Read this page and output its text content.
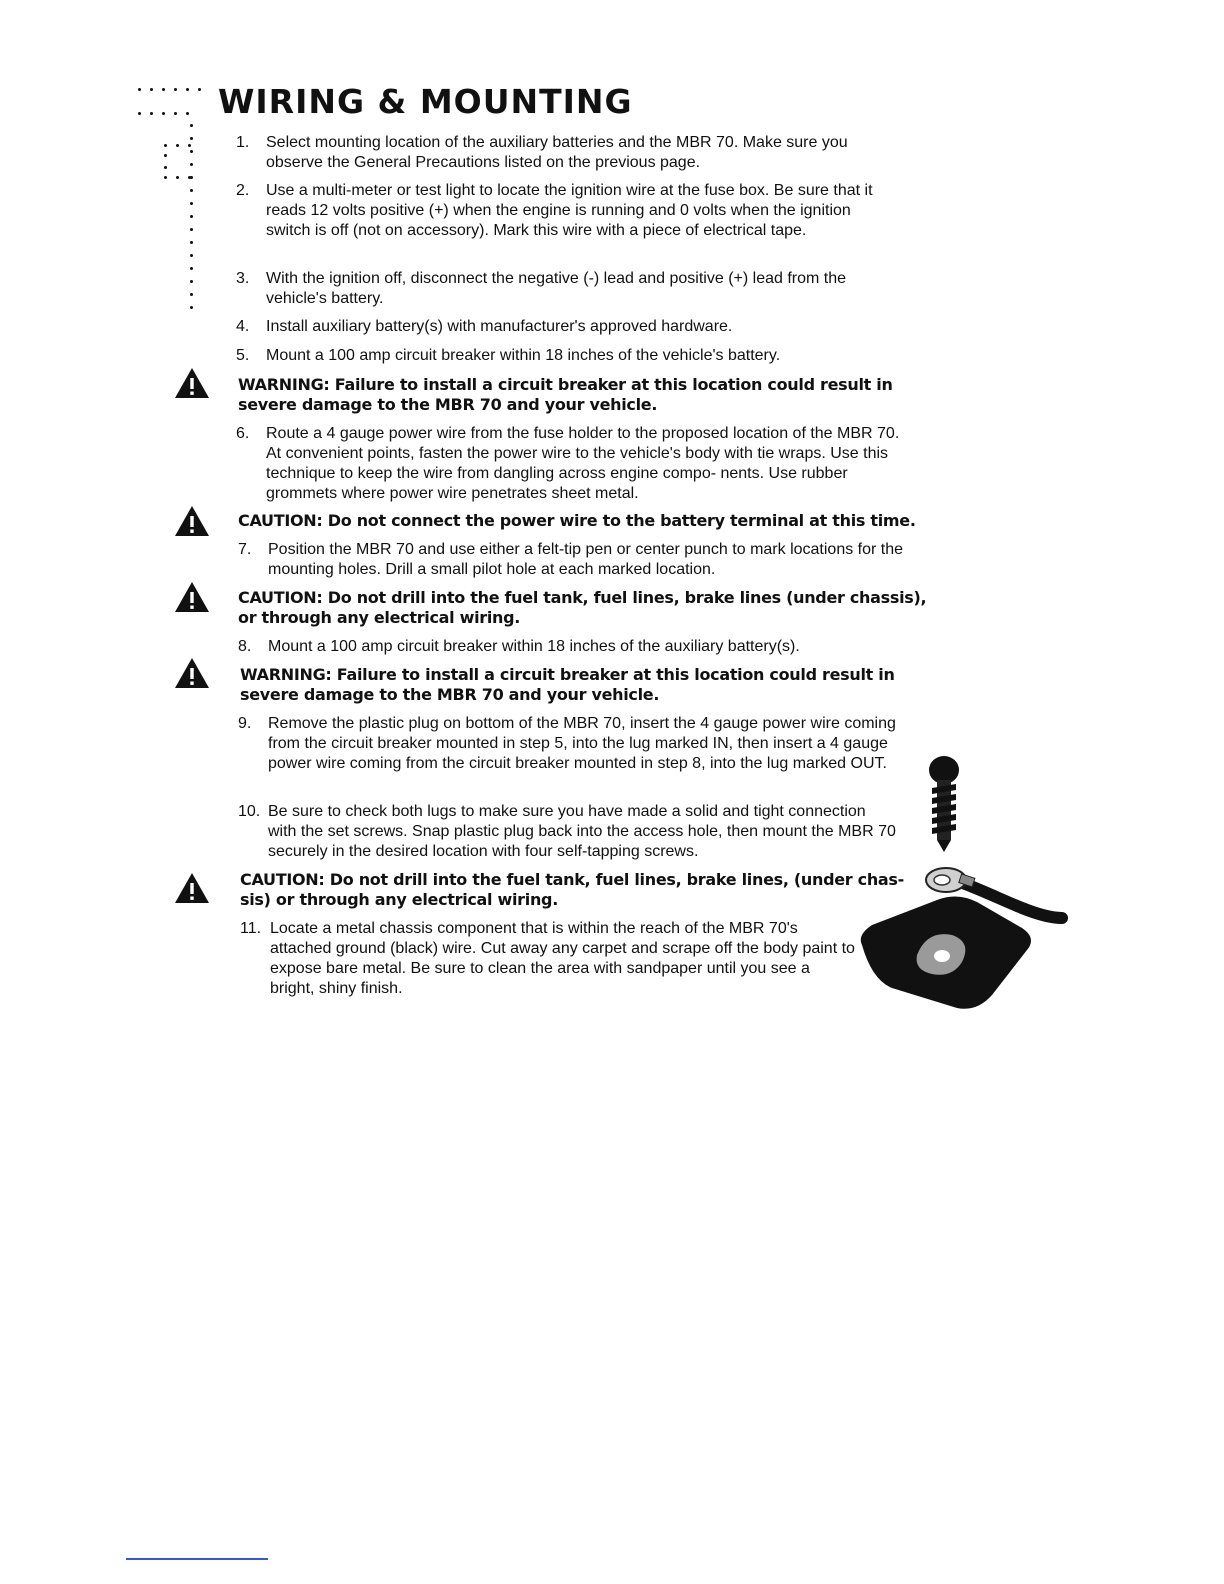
WIRING & MOUNTING
1. Select mounting location of the auxiliary batteries and the MBR 70. Make sure you observe the General Precautions listed on the previous page.
2. Use a multi-meter or test light to locate the ignition wire at the fuse box. Be sure that it reads 12 volts positive (+) when the engine is running and 0 volts when the ignition switch is off (not on accessory). Mark this wire with a piece of electrical tape.
3. With the ignition off, disconnect the negative (-) lead and positive (+) lead from the vehicle's battery.
4. Install auxiliary battery(s) with manufacturer's approved hardware.
5. Mount a 100 amp circuit breaker within 18 inches of the vehicle's battery.

WARNING: Failure to install a circuit breaker at this location could result in severe damage to the MBR 70 and your vehicle.

6. Route a 4 gauge power wire from the fuse holder to the proposed location of the MBR 70. At convenient points, fasten the power wire to the vehicle's body with tie wraps. Use this technique to keep the wire from dangling across engine compo- nents. Use rubber grommets where power wire penetrates sheet metal.

CAUTION: Do not connect the power wire to the battery terminal at this time.

7. Position the MBR 70 and use either a felt-tip pen or center punch to mark locations for the mounting holes. Drill a small pilot hole at each marked location.

CAUTION: Do not drill into the fuel tank, fuel lines, brake lines (under chassis), or through any electrical wiring.

8. Mount a 100 amp circuit breaker within 18 inches of the auxiliary battery(s).

WARNING: Failure to install a circuit breaker at this location could result in severe damage to the MBR 70 and your vehicle.

9. Remove the plastic plug on bottom of the MBR 70, insert the 4 gauge power wire coming from the circuit breaker mounted in step 5, into the lug marked IN, then insert a 4 gauge power wire coming from the circuit breaker mounted in step 8, into the lug marked OUT.
10. Be sure to check both lugs to make sure you have made a solid and tight connection with the set screws. Snap plastic plug back into the access hole, then mount the MBR 70 securely in the desired location with four self-tapping screws.

CAUTION: Do not drill into the fuel tank, fuel lines, brake lines, (under chas- sis) or through any electrical wiring.

11. Locate a metal chassis component that is within the reach of the MBR 70's attached ground (black) wire. Cut away any carpet and scrape off the body paint to expose bare metal. Be sure to clean the area with sandpaper until you see a bright, shiny finish.
